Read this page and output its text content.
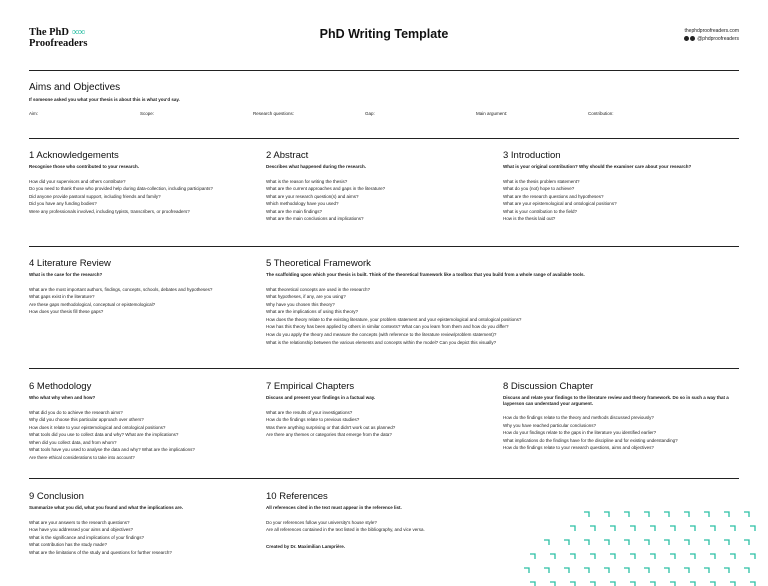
The PhD ∞∞
Proofreaders
PhD Writing Template	thephdproofreaders.com
@phdproofreaders
Aims and Objectives
If someone asked you what your thesis is about this is what you'd say.
Aim:	Scope:	Research questions:	Gap:	Main argument:	Contribution:
1 Acknowledgements
Recognise those who contributed to your research.
How did your supervisors and others contribute?
Do you need to thank those who provided help during data-collection, including participants?
Did anyone provide pastoral support, including friends and family?
Did you have any funding bodies?
Were any professionals involved, including typists, transcribers, or proofreaders?
2 Abstract
Describes what happened during the research.
What is the reason for writing the thesis?
What are the current approaches and gaps in the literature?
What are your research question(s) and aims?
Which methodology have you used?
What are the main findings?
What are the main conclusions and implications?
3 Introduction
What is your original contribution? Why should the examiner care about your research?
What is the thesis problem statement?
What do you (not) hope to achieve?
What are the research questions and hypotheses?
What are your epistemological and ontological positions?
What is your contribution to the field?
How is the thesis laid out?
4 Literature Review
What is the case for the research?
What are the most important authors, findings, concepts, schools, debates and hypotheses?
What gaps exist in the literature?
Are these gaps methodological, conceptual or epistemological?
How does your thesis fill these gaps?
5 Theoretical Framework
The scaffolding upon which your thesis is built. Think of the theoretical framework like a toolbox that you build from a whole range of available tools.
What theoretical concepts are used in the research?
What hypotheses, if any, are you using?
Why have you chosen this theory?
What are the implications of using this theory?
How does the theory relate to the existing literature, your problem statement and your epistemological and ontological positions?
How has this theory has been applied by others in similar contexts? What can you learn from them and how do you differ?
How do you apply the theory and measure the concepts (with reference to the literature review/problem statement)?
What is the relationship between the various elements and concepts within the model? Can you depict this visually?
6 Methodology
Who what why when and how?
What did you do to achieve the research aims?
Why did you choose this particular approach over others?
How does it relate to your epistemological and ontological positions?
What tools did you use to collect data and why? What are the implications?
When did you collect data, and from whom?
What tools have you used to analyse the data and why? What are the implications?
Are there ethical considerations to take into account?
7 Empirical Chapters
Discuss and present your findings in a factual way.
What are the results of your investigations?
How do the findings relate to previous studies?
Was there anything surprising or that didn't work out as planned?
Are there any themes or categories that emerge from the data?
8 Discussion Chapter
Discuss and relate your findings to the literature review and theory framework. Do so in such a way that a layperson can understand your argument.
How do the findings relate to the theory and methods discussed previously?
Why you have reached particular conclusions?
How do your findings relate to the gaps in the literature you identified earlier?
What implications do the findings have for the discipline and for existing understanding?
How do the findings relate to your research questions, aims and objectives?
9 Conclusion
Summarize what you did, what you found and what the implications are.
What are your answers to the research questions?
How have you addressed your aims and objectives?
What is the significance and implications of your findings?
What contribution has the study made?
What are the limitations of the study and questions for further research?
10 References
All references cited in the text must appear in the reference list.
Do your references follow your university's house style?
Are all references contained in the text listed in the bibliography, and vice versa.
Created by Dr. Maximilian Lamprière.
